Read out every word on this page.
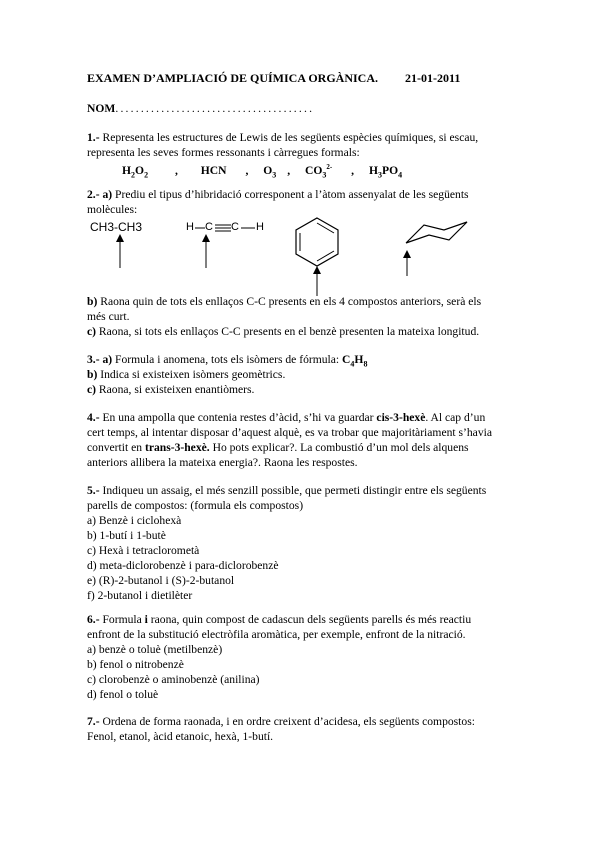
EXAMEN D’AMPLIACIÓ DE QUÍMICA ORGÀNICA. 21-01-2011
NOM.......................................
1.- Representa les estructures de Lewis de les següents espècies químiques, si escau,
representa les seves formes ressonants i càrregues formals:
$H_2O_2$ , HCN , $O_3$ , $CO_3^{2-}$ , $H_3PO_4$
2.- a) Prediu el tipus d’hibridació corresponent a l’àtom assenyalat de les següents
molècules:
CH3-CH3	H C C H
b) Raona quin de tots els enllaços C-C presents en els 4 compostos anteriors, serà els
més curt.
c) Raona, si tots els enllaços C-C presents en el benzè presenten la mateixa longitud.
3.- a) Formula i anomena, tots els isòmers de fórmula: $C_4H_8$
b) Indica si existeixen isòmers geomètrics.
c) Raona, si existeixen enantiòmers.
4.- En una ampolla que contenia restes d’àcid, s’hi va guardar cis-3-hexè. Al cap d’un
cert temps, al intentar disposar d’aquest alquè, es va trobar que majoritàriament s’havia
convertit en trans-3-hexè. Ho pots explicar?. La combustió d’un mol dels alquens
anteriors allibera la mateixa energia?. Raona les respostes.
5.- Indiqueu un assaig, el més senzill possible, que permeti distingir entre els següents
parells de compostos: (formula els compostos)
a) Benzè i ciclohexà
b) 1-butí i 1-butè
c) Hexà i tetraclorometà
d) meta-diclorobenzè i para-diclorobenzè
e) (R)-2-butanol i (S)-2-butanol
f) 2-butanol i dietilèter
6.- Formula i raona, quin compost de cadascun dels següents parells és més reactiu
enfront de la substitució electròfila aromàtica, per exemple, enfront de la nitració.
a) benzè o toluè (metilbenzè)
b) fenol o nitrobenzè
c) clorobenzè o aminobenzè (anilina)
d) fenol o toluè
7.- Ordena de forma raonada, i en ordre creixent d’acidesa, els següents compostos:
Fenol, etanol, àcid etanoic, hexà, 1-butí.
